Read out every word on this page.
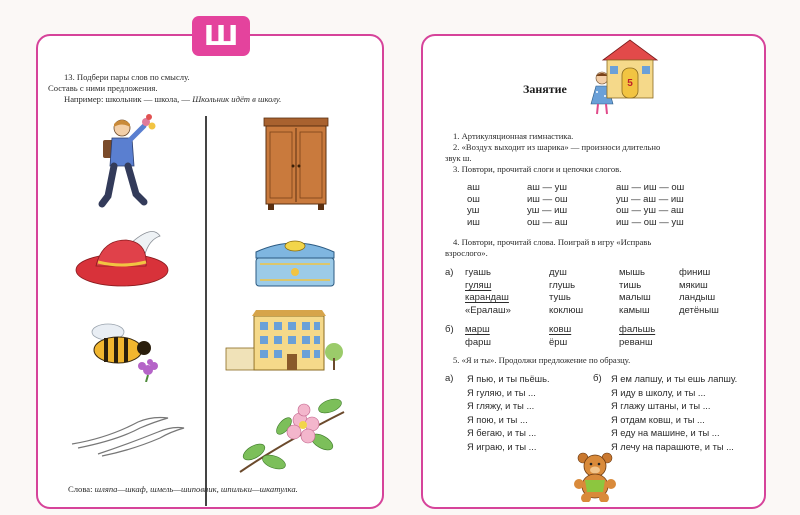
Ш
13. Подбери пары слов по смыслу.
Составь с ними предложения.
Например: школьник — школа, — Школьник идёт в школу.
Слова: шляпа—шкаф, шмель—шиповник, шпильки—шкатулка.
Занятие	5
1. Артикуляционная гимнастика.
2. «Воздух выходит из шарика» — произноси длительно
звук ш.
3. Повтори, прочитай слоги и цепочки слогов.
аш
ош
уш
иш
аш — уш
иш — ош
уш — иш
ош — аш
аш — иш — ош
уш — аш — иш
ош — уш — аш
иш — ош — уш
4. Повтори, прочитай слова. Поиграй в игру «Исправь
взрослого».
а) гуашь
гуляш
карандаш
«Ералаш»
душ
глушь
тушь
коклюш
мышь
тишь
малыш
камыш
финиш
мякиш
ландыш
детёныш
б) марш
фарш
ковш
ёрш
фальшь
реванш
5. «Я и ты». Продолжи предложение по образцу.
а) Я пью, и ты пьёшь.
Я гуляю, и ты ...
Я гляжу, и ты ...
Я пою, и ты ...
Я бегаю, и ты ...
Я играю, и ты ...
б) Я ем лапшу, и ты ешь лапшу.
Я иду в школу, и ты ...
Я глажу штаны, и ты ...
Я отдам ковш, и ты ...
Я еду на машине, и ты ...
Я лечу на парашюте, и ты ...
